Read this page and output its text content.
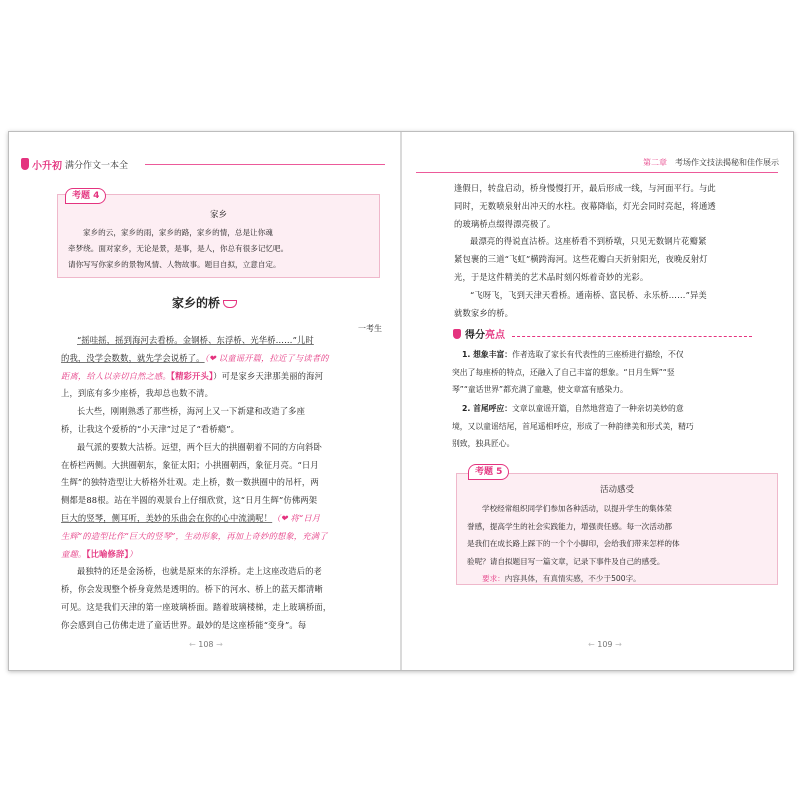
小升初 满分作文一本全
家乡
家乡的云，家乡的雨，家乡的路，家乡的情，总是让你魂
牵梦绕。面对家乡，无论是景，是事，是人，你总有很多记忆吧。
请你写写你家乡的景物风情、人物故事。题目自拟，立意自定。
考题 4
家乡的桥
一考生

“摇哇摇，摇到海河去看桥。金钢桥、东浮桥、光华桥……”儿时

的我，没学会数数，就先学会说桥了。（❤ 以童谣开篇，拉近了与读者的

距离，给人以亲切自然之感。【精彩开头】）可是家乡天津那美丽的海河

上，到底有多少座桥，我却总也数不清。

长大些，刚刚熟悉了那些桥，海河上又一下新建和改造了多座

桥，让我这个爱桥的“小天津”过足了“看桥瘾”。

最气派的要数大沽桥。远望，两个巨大的拱圈朝着不同的方向斜卧

在桥栏两侧。大拱圈朝东，象征太阳；小拱圈朝西，象征月亮。“日月

生辉”的独特造型让大桥格外壮观。走上桥，数一数拱圈中的吊杆，两

侧都是88根。站在半圆的观景台上仔细欣赏，这“日月生辉”仿佛两架

巨大的竖琴，侧耳听，美妙的乐曲会在你的心中流淌呢！（❤ 将“日月

生辉”的造型比作“巨大的竖琴”，生动形象，再加上奇妙的想象，充满了

童趣。【比喻修辞】）

最独特的还是金汤桥，也就是原来的东浮桥。走上这座改造后的老

桥，你会发现整个桥身竟然是透明的。桥下的河水、桥上的蓝天都清晰

可见。这是我们天津的第一座玻璃桥面。踏着玻璃楼梯，走上玻璃桥面，

你会感到自己仿佛走进了童话世界。最妙的是这座桥能“变身”。每

← 108 →
第二章 考场作文技法揭秘和佳作展示

逢假日，转盘启动，桥身慢慢打开，最后形成一线，与河面平行。与此

同时，无数喷泉射出冲天的水柱。夜幕降临，灯光会同时亮起，将通透

的玻璃桥点缀得漂亮极了。

最漂亮的得说直沽桥。这座桥看不到桥墩，只见无数钢片花瓣紧

紧包裹的三道“飞虹”横跨海河。这些花瓣白天折射阳光，夜晚反射灯

光，于是这件精美的艺术品时刻闪烁着奇妙的光彩。

“飞呀飞，飞到天津天看桥。通南桥、富民桥、永乐桥……”异美

就数家乡的桥。

得分 亮点
1. 想象丰富：作者选取了家长有代表性的三座桥进行描绘，不仅
突出了每座桥的特点，还融入了自己丰富的想象。“日月生辉”“竖
琴”“童话世界”都充满了童趣，使文章富有感染力。
2. 首尾呼应：文章以童谣开篇，自然地营造了一种亲切美妙的意
境，又以童谣结尾，首尾遥相呼应，形成了一种韵律美和形式美，精巧
别致，独具匠心。
活动感受
学校经常组织同学们参加各种活动，以提升学生的集体荣
誉感，提高学生的社会实践能力，增强责任感。每一次活动都
是我们在成长路上踩下的一个个小脚印，会给我们带来怎样的体
验呢？请自拟题目写一篇文章，记录下事件及自己的感受。
要求：内容具体，有真情实感，不少于500字。
考题 5
← 109 →
